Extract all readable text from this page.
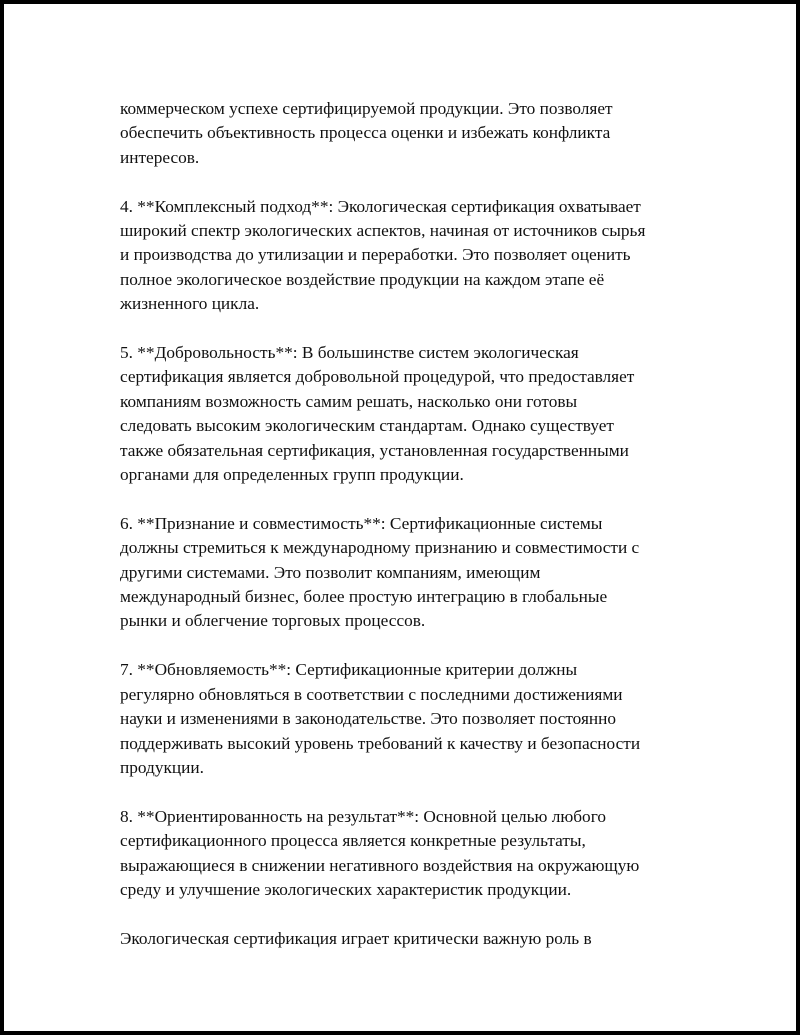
коммерческом успехе сертифицируемой продукции. Это позволяет
обеспечить объективность процесса оценки и избежать конфликта
интересов.

4. **Комплексный подход**: Экологическая сертификация охватывает
широкий спектр экологических аспектов, начиная от источников сырья
и производства до утилизации и переработки. Это позволяет оценить
полное экологическое воздействие продукции на каждом этапе её
жизненного цикла.

5. **Добровольность**: В большинстве систем экологическая
сертификация является добровольной процедурой, что предоставляет
компаниям возможность самим решать, насколько они готовы
следовать высоким экологическим стандартам. Однако существует
также обязательная сертификация, установленная государственными
органами для определенных групп продукции.

6. **Признание и совместимость**: Сертификационные системы
должны стремиться к международному признанию и совместимости с
другими системами. Это позволит компаниям, имеющим
международный бизнес, более простую интеграцию в глобальные
рынки и облегчение торговых процессов.

7. **Обновляемость**: Сертификационные критерии должны
регулярно обновляться в соответствии с последними достижениями
науки и изменениями в законодательстве. Это позволяет постоянно
поддерживать высокий уровень требований к качеству и безопасности
продукции.

8. **Ориентированность на результат**: Основной целью любого
сертификационного процесса является конкретные результаты,
выражающиеся в снижении негативного воздействия на окружающую
среду и улучшение экологических характеристик продукции.

Экологическая сертификация играет критически важную роль в
